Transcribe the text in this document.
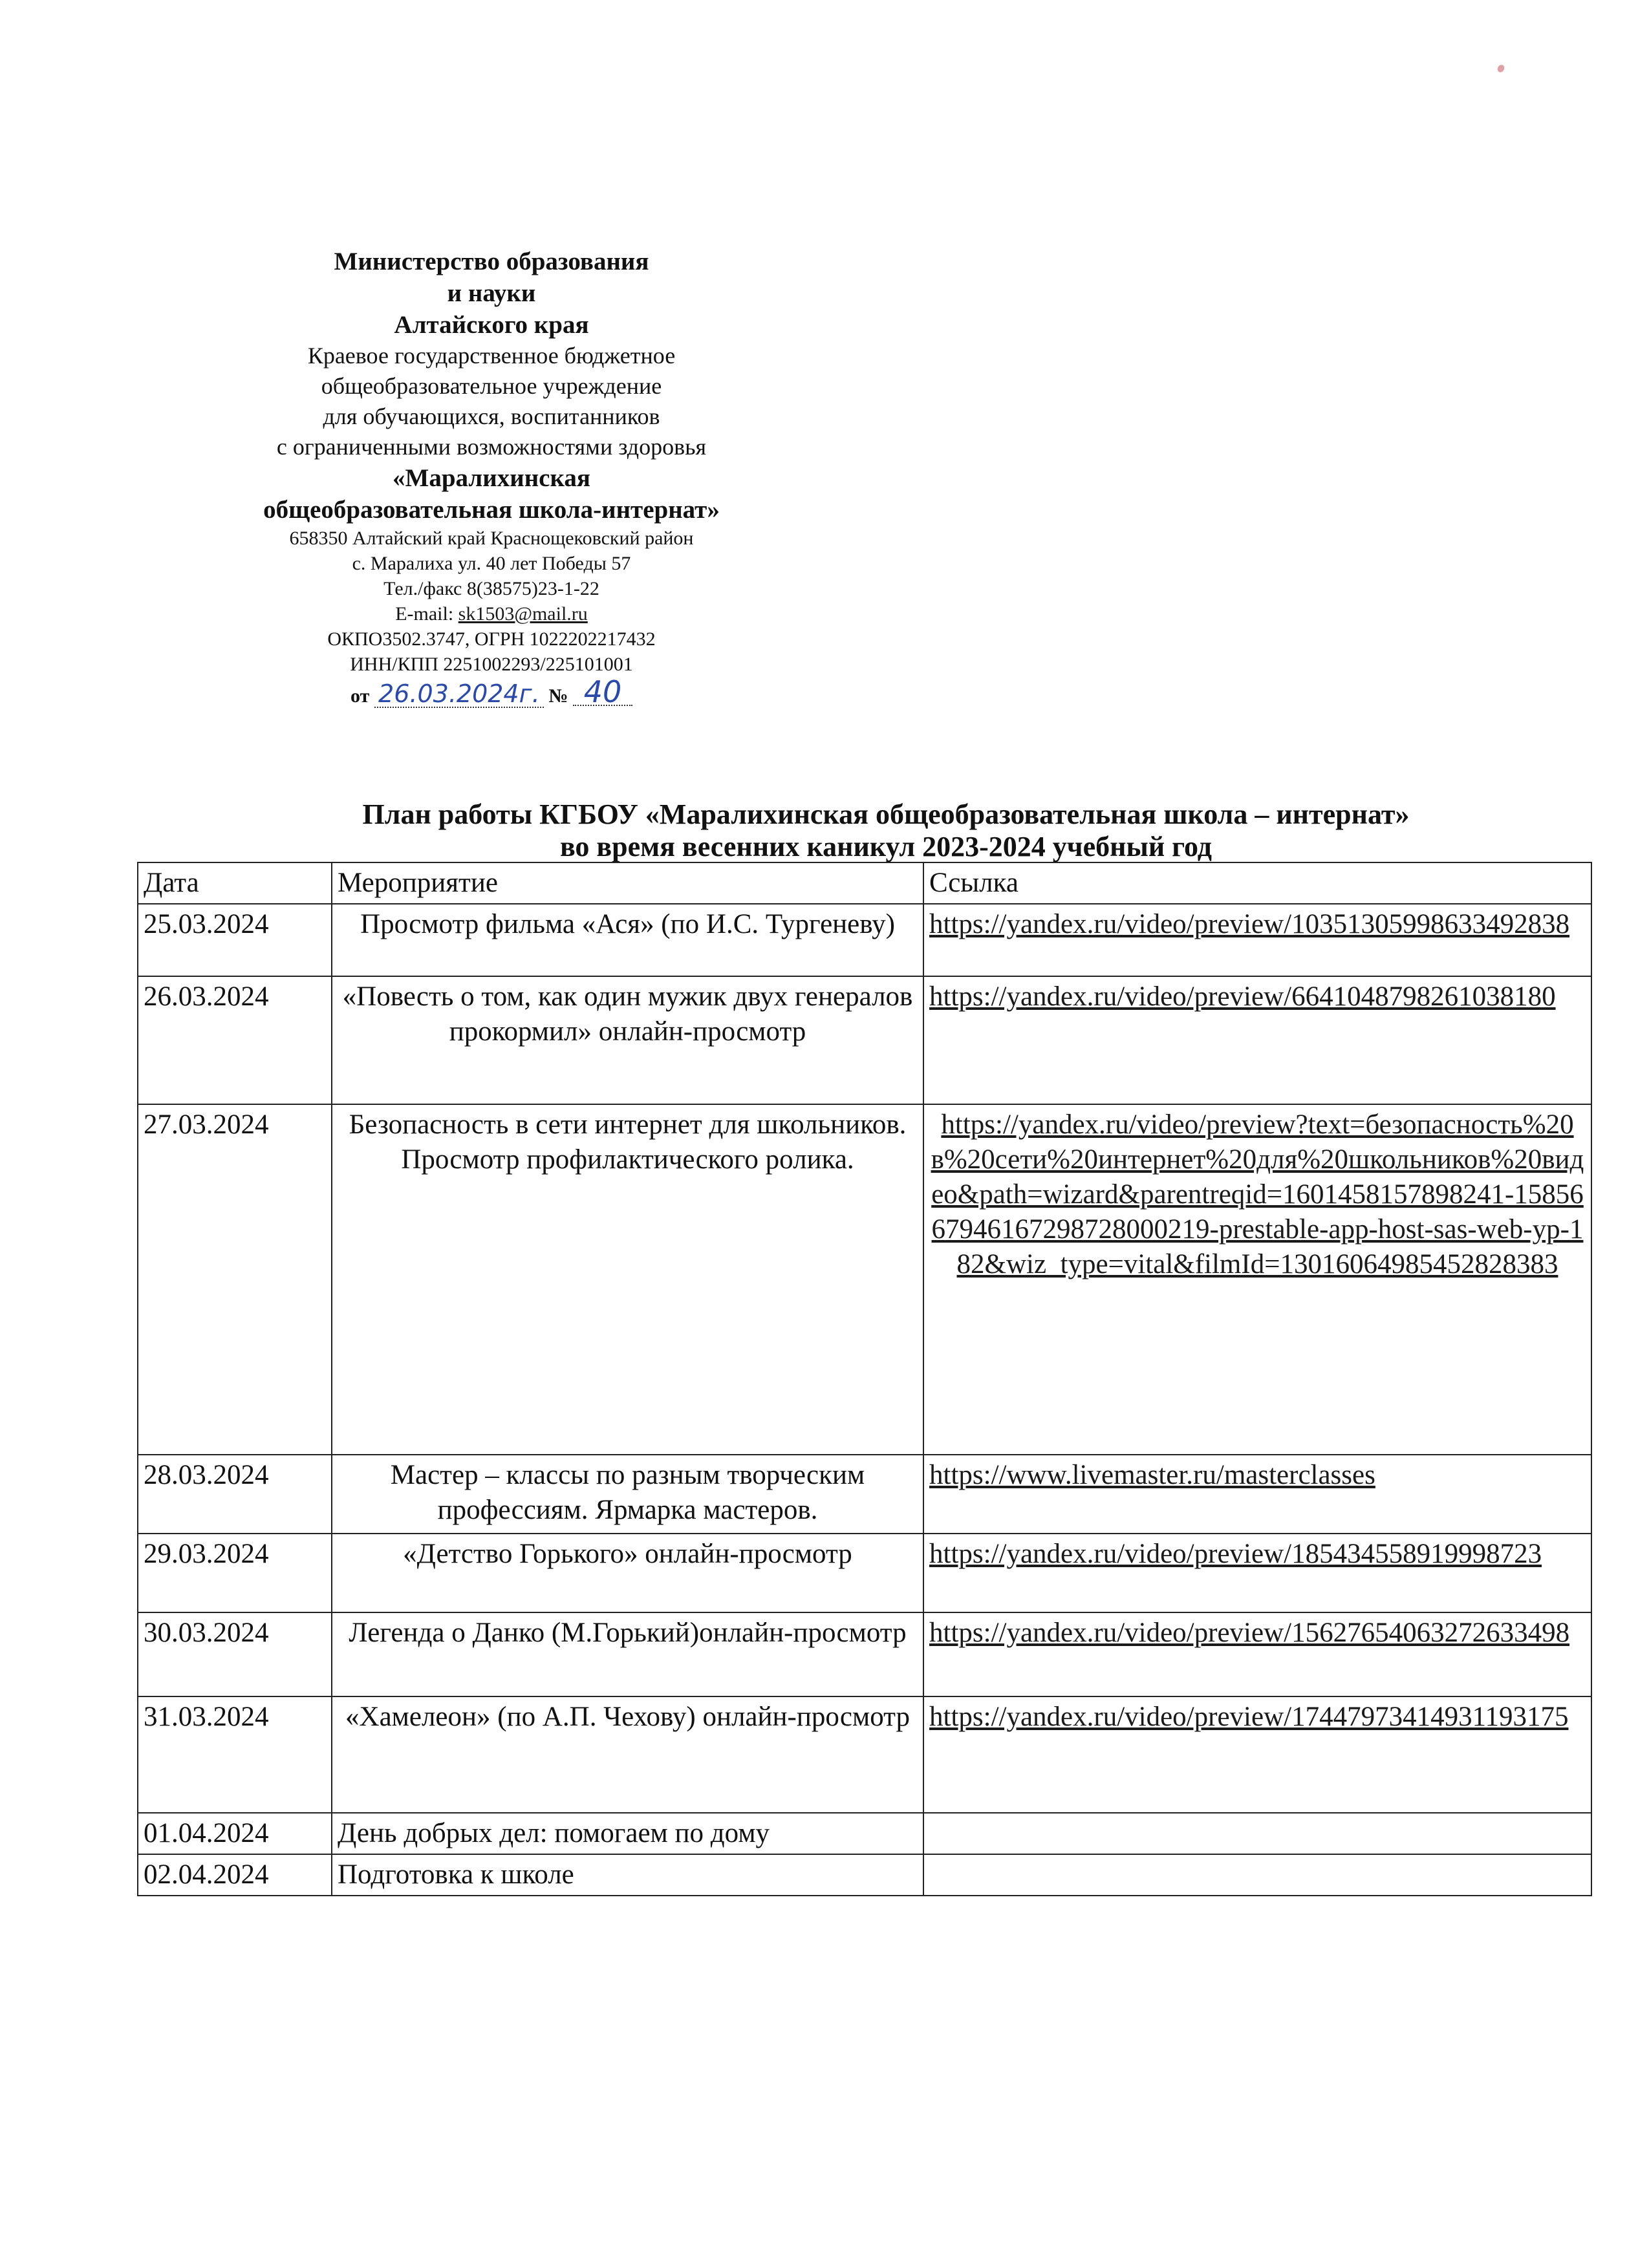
Министерство образования
и науки
Алтайского края
Краевое государственное бюджетное
общеобразовательное учреждение
для обучающихся, воспитанников
с ограниченными возможностями здоровья
«Маралихинская
общеобразовательная школа-интернат»
658350 Алтайский край Краснощековский район
с. Маралиха ул. 40 лет Победы 57
Тел./факс 8(38575)23-1-22
E-mail: sk1503@mail.ru
ОКПО3502.3747, ОГРН 1022202217432
ИНН/КПП 2251002293/225101001
от 26.03.2024г. № 40
План работы КГБОУ «Маралихинская общеобразовательная школа – интернат»
во время весенних каникул 2023-2024 учебный год
Дата	Мероприятие	Ссылка
25.03.2024	Просмотр фильма «Ася» (по И.С. Тургеневу)	https://yandex.ru/video/preview/10351305998633492838
26.03.2024	«Повесть о том, как один мужик двух генералов прокормил» онлайн-просмотр	https://yandex.ru/video/preview/6641048798261038180
27.03.2024	Безопасность в сети интернет для школьников. Просмотр профилактического ролика.	https://yandex.ru/video/preview?text=безопасность%20в%20сети%20интернет%20для%20школьников%20видео&path=wizard&parentreqid=1601458157898241-1585667946167298728000219-prestable-app-host-sas-web-yp-182&wiz_type=vital&filmId=13016064985452828383
28.03.2024	Мастер – классы по разным творческим профессиям. Ярмарка мастеров.	https://www.livemaster.ru/masterclasses
29.03.2024	«Детство Горького» онлайн-просмотр	https://yandex.ru/video/preview/185434558919998723
30.03.2024	Легенда о Данко (М.Горький)онлайн-просмотр	https://yandex.ru/video/preview/15627654063272633498
31.03.2024	«Хамелеон» (по А.П. Чехову) онлайн-просмотр	https://yandex.ru/video/preview/17447973414931193175
01.04.2024	День добрых дел: помогаем по дому	
02.04.2024	Подготовка к школе	
